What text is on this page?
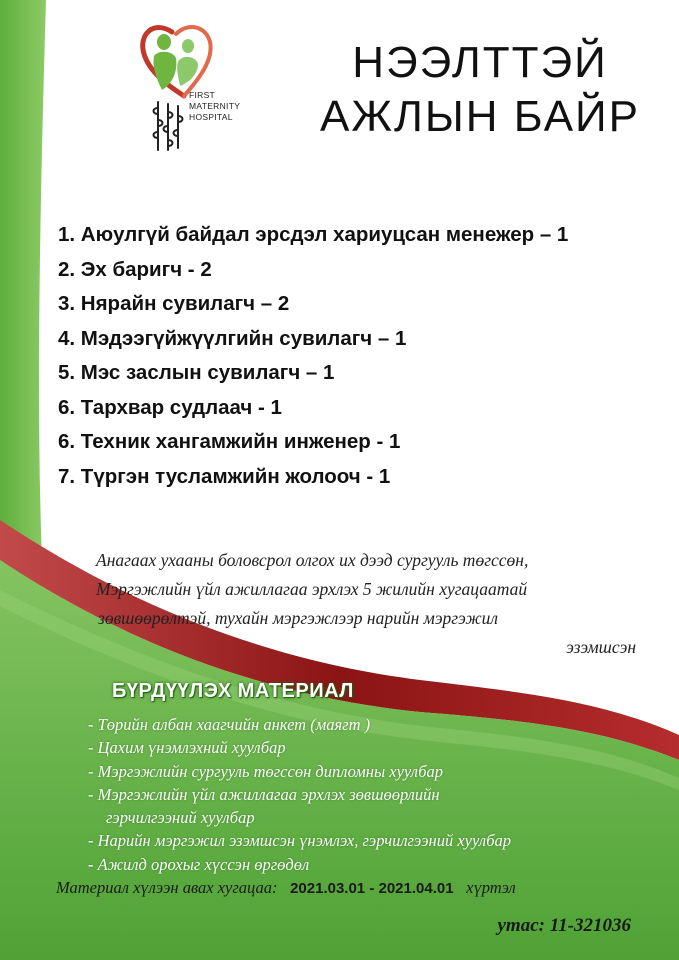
FIRST
MATERNITY
HOSPITAL
НЭЭЛТТЭЙ
АЖЛЫН БАЙР
1. Аюулгүй байдал эрсдэл хариуцсан менежер – 1
2. Эх баригч - 2
3. Нярайн сувилагч – 2
4. Мэдээгүйжүүлгийн сувилагч – 1
5. Мэс заслын сувилагч – 1
6. Тархвар судлаач - 1
6. Техник хангамжийн инженер - 1
7. Түргэн тусламжийн жолооч - 1
Анагаах ухааны боловсрол олгох их дээд сургууль төгссөн,
Мэргэжлийн үйл ажиллагаа эрхлэх 5 жилийн хугацаатай
зөвшөөрөлтэй, тухайн мэргэжлээр нарийн мэргэжил
эзэмшсэн
БҮРДҮҮЛЭХ МАТЕРИАЛ
- Төрийн албан хаагчийн анкет (маягт )
- Цахим үнэмлэхний хуулбар
- Мэргэжлийн сургууль төгссөн дипломны хуулбар
- Мэргэжлийн үйл ажиллагаа эрхлэх зөвшөөрлийн
гэрчилгээний хуулбар
- Нарийн мэргэжил эзэмшсэн үнэмлэх, гэрчилгээний хуулбар
- Ажилд орохыг хүссэн өргөдөл
Материал хүлээн авах хугацаа: 2021.03.01 - 2021.04.01 хүртэл
утас: 11-321036
